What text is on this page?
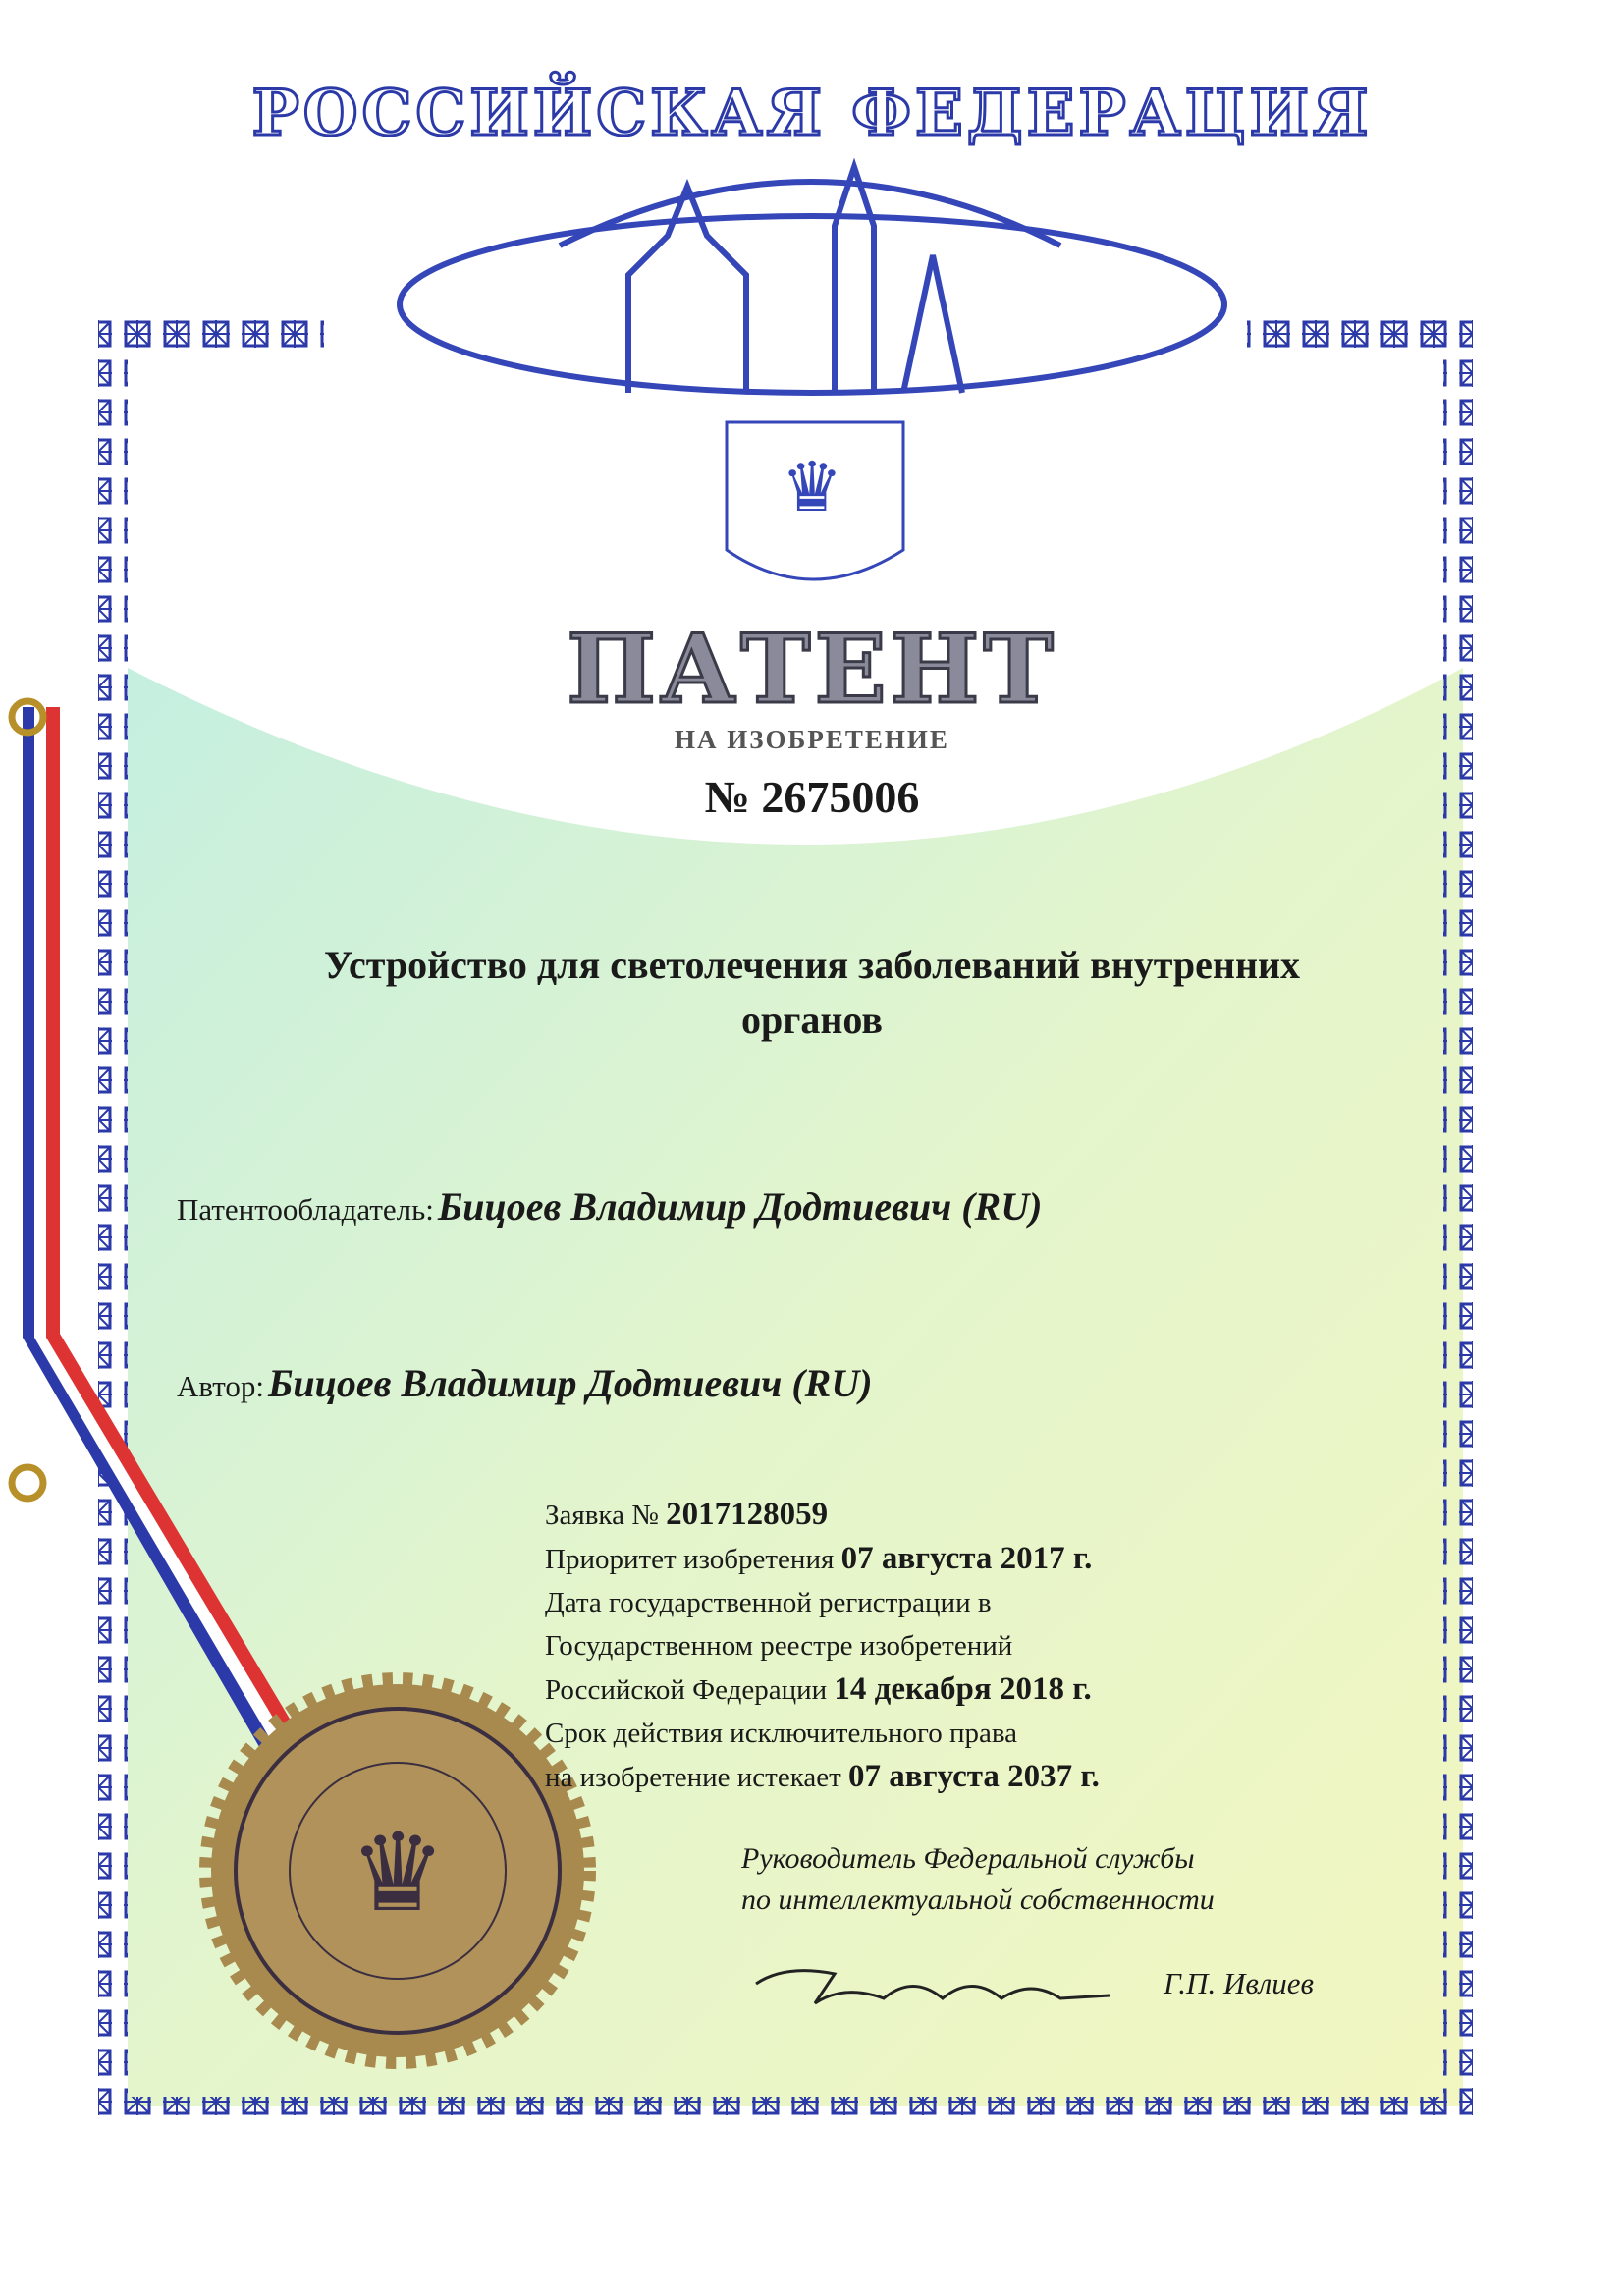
♛
♛
РОССИЙСКАЯ ФЕДЕРАЦИЯ
ПАТЕНТ
НА ИЗОБРЕТЕНИЕ
№ 2675006
Устройство для светолечения заболеваний внутренних
органов
Патентообладатель: Бицоев Владимир Додтиевич (RU)
Автор: Бицоев Владимир Додтиевич (RU)
Заявка № 2017128059
Приоритет изобретения 07 августа 2017 г.
Дата государственной регистрации в
Государственном реестре изобретений
Российской Федерации 14 декабря 2018 г.
Срок действия исключительного права
на изобретение истекает 07 августа 2037 г.
Руководитель Федеральной службы
по интеллектуальной собственности
Г.П. Ивлиев
